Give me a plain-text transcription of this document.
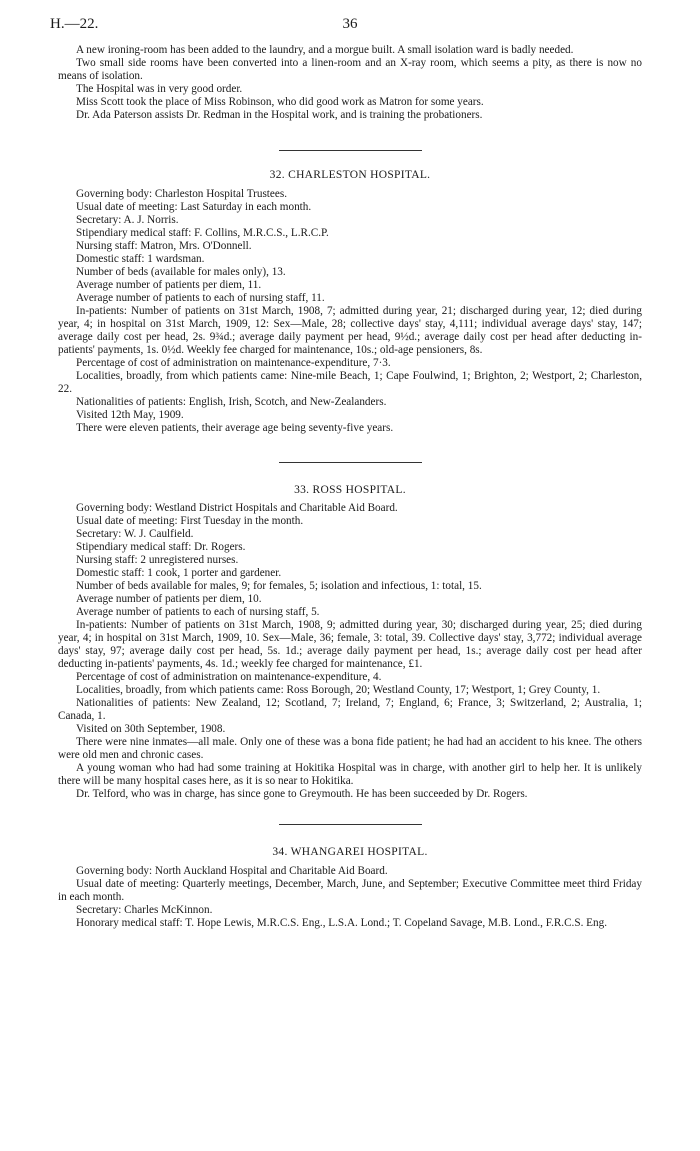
H.—22.	36

A new ironing-room has been added to the laundry, and a morgue built. A small isolation ward is badly needed.

Two small side rooms have been converted into a linen-room and an X-ray room, which seems a pity, as there is now no means of isolation.

The Hospital was in very good order.

Miss Scott took the place of Miss Robinson, who did good work as Matron for some years.

Dr. Ada Paterson assists Dr. Redman in the Hospital work, and is training the probationers.

32. CHARLESTON HOSPITAL.

Governing body: Charleston Hospital Trustees.

Usual date of meeting: Last Saturday in each month.

Secretary: A. J. Norris.

Stipendiary medical staff: F. Collins, M.R.C.S., L.R.C.P.

Nursing staff: Matron, Mrs. O'Donnell.

Domestic staff: 1 wardsman.

Number of beds (available for males only), 13.

Average number of patients per diem, 11.

Average number of patients to each of nursing staff, 11.

In-patients: Number of patients on 31st March, 1908, 7; admitted during year, 21; discharged during year, 12; died during year, 4; in hospital on 31st March, 1909, 12: Sex—Male, 28; collective days' stay, 4,111; individual average days' stay, 147; average daily cost per head, 2s. 9¾d.; average daily payment per head, 9½d.; average daily cost per head after deducting in-patients' payments, 1s. 0½d. Weekly fee charged for maintenance, 10s.; old-age pensioners, 8s.

Percentage of cost of administration on maintenance-expenditure, 7·3.

Localities, broadly, from which patients came: Nine-mile Beach, 1; Cape Foulwind, 1; Brighton, 2; Westport, 2; Charleston, 22.

Nationalities of patients: English, Irish, Scotch, and New-Zealanders.

Visited 12th May, 1909.

There were eleven patients, their average age being seventy-five years.

33. ROSS HOSPITAL.

Governing body: Westland District Hospitals and Charitable Aid Board.

Usual date of meeting: First Tuesday in the month.

Secretary: W. J. Caulfield.

Stipendiary medical staff: Dr. Rogers.

Nursing staff: 2 unregistered nurses.

Domestic staff: 1 cook, 1 porter and gardener.

Number of beds available for males, 9; for females, 5; isolation and infectious, 1: total, 15.

Average number of patients per diem, 10.

Average number of patients to each of nursing staff, 5.

In-patients: Number of patients on 31st March, 1908, 9; admitted during year, 30; discharged during year, 25; died during year, 4; in hospital on 31st March, 1909, 10. Sex—Male, 36; female, 3: total, 39. Collective days' stay, 3,772; individual average days' stay, 97; average daily cost per head, 5s. 1d.; average daily payment per head, 1s.; average daily cost per head after deducting in-patients' payments, 4s. 1d.; weekly fee charged for maintenance, £1.

Percentage of cost of administration on maintenance-expenditure, 4.

Localities, broadly, from which patients came: Ross Borough, 20; Westland County, 17; Westport, 1; Grey County, 1.

Nationalities of patients: New Zealand, 12; Scotland, 7; Ireland, 7; England, 6; France, 3; Switzerland, 2; Australia, 1; Canada, 1.

Visited on 30th September, 1908.

There were nine inmates—all male. Only one of these was a bona fide patient; he had had an accident to his knee. The others were old men and chronic cases.

A young woman who had had some training at Hokitika Hospital was in charge, with another girl to help her. It is unlikely there will be many hospital cases here, as it is so near to Hokitika.

Dr. Telford, who was in charge, has since gone to Greymouth. He has been succeeded by Dr. Rogers.

34. WHANGAREI HOSPITAL.

Governing body: North Auckland Hospital and Charitable Aid Board.

Usual date of meeting: Quarterly meetings, December, March, June, and September; Executive Committee meet third Friday in each month.

Secretary: Charles McKinnon.

Honorary medical staff: T. Hope Lewis, M.R.C.S. Eng., L.S.A. Lond.; T. Copeland Savage, M.B. Lond., F.R.C.S. Eng.
